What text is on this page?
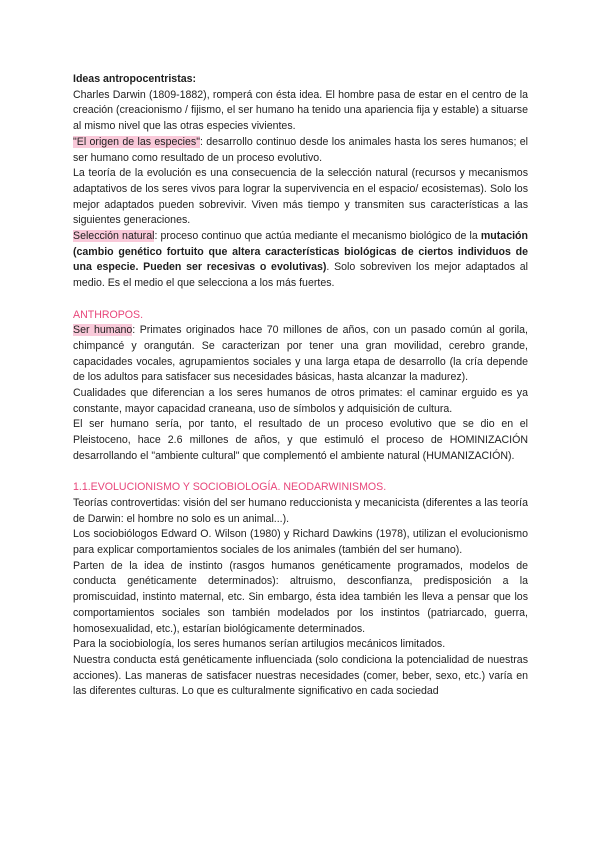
Ideas antropocentristas:

Charles Darwin (1809-1882), romperá con ésta idea. El hombre pasa de estar en el centro de la creación (creacionismo / fijismo, el ser humano ha tenido una apariencia fija y estable) a situarse al mismo nivel que las otras especies vivientes.

"El origen de las especies": desarrollo continuo desde los animales hasta los seres humanos; el ser humano como resultado de un proceso evolutivo.

La teoría de la evolución es una consecuencia de la selección natural (recursos y mecanismos adaptativos de los seres vivos para lograr la supervivencia en el espacio/ ecosistemas). Solo los mejor adaptados pueden sobrevivir. Viven más tiempo y transmiten sus características a las siguientes generaciones.

Selección natural: proceso continuo que actúa mediante el mecanismo biológico de la mutación (cambio genético fortuito que altera características biológicas de ciertos individuos de una especie. Pueden ser recesivas o evolutivas). Solo sobreviven los mejor adaptados al medio. Es el medio el que selecciona a los más fuertes.

ANTHROPOS.

Ser humano: Primates originados hace 70 millones de años, con un pasado común al gorila, chimpancé y orangután. Se caracterizan por tener una gran movilidad, cerebro grande, capacidades vocales, agrupamientos sociales y una larga etapa de desarrollo (la cría depende de los adultos para satisfacer sus necesidades básicas, hasta alcanzar la madurez).

Cualidades que diferencian a los seres humanos de otros primates: el caminar erguido es ya constante, mayor capacidad craneana, uso de símbolos y adquisición de cultura.

El ser humano sería, por tanto, el resultado de un proceso evolutivo que se dio en el Pleistoceno, hace 2.6 millones de años, y que estimuló el proceso de HOMINIZACIÓN desarrollando el "ambiente cultural" que complementó el ambiente natural (HUMANIZACIÓN).

1.1.EVOLUCIONISMO Y SOCIOBIOLOGÍA. NEODARWINISMOS.

Teorías controvertidas: visión del ser humano reduccionista y mecanicista (diferentes a las teoría de Darwin: el hombre no solo es un animal...).

Los sociobiólogos Edward O. Wilson (1980) y Richard Dawkins (1978), utilizan el evolucionismo para explicar comportamientos sociales de los animales (también del ser humano).

Parten de la idea de instinto (rasgos humanos genéticamente programados, modelos de conducta genéticamente determinados): altruismo, desconfianza, predisposición a la promiscuidad, instinto maternal, etc. Sin embargo, ésta idea también les lleva a pensar que los comportamientos sociales son también modelados por los instintos (patriarcado, guerra, homosexualidad, etc.), estarían biológicamente determinados.

Para la sociobiología, los seres humanos serían artilugios mecánicos limitados.

Nuestra conducta está genéticamente influenciada (solo condiciona la potencialidad de nuestras acciones). Las maneras de satisfacer nuestras necesidades (comer, beber, sexo, etc.) varía en las diferentes culturas. Lo que es culturalmente significativo en cada sociedad
